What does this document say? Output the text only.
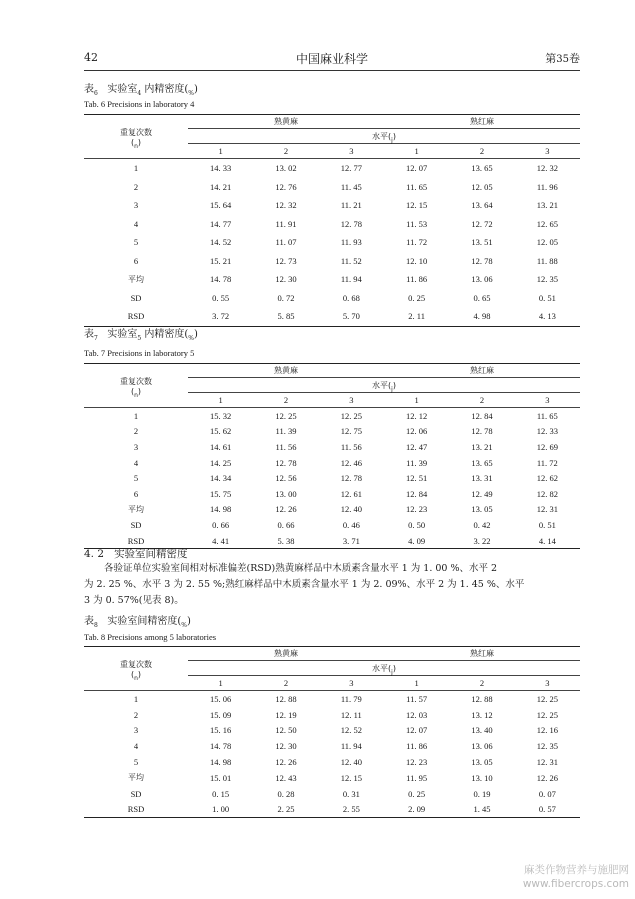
42	中国麻业科学	第35卷
表$_6$ 实验室$_4$ 内精密度$(_{\%})$
Tab. 6 Precisions in laboratory 4
重复次数
$(_n)$	熟黄麻			熟红麻		
	水平$(_j)$					
	1	2	3	1	2	3
1	14. 33	13. 02	12. 77	12. 07	13. 65	12. 32
2	14. 21	12. 76	11. 45	11. 65	12. 05	11. 96
3	15. 64	12. 32	11. 21	12. 15	13. 64	13. 21
4	14. 77	11. 91	12. 78	11. 53	12. 72	12. 65
5	14. 52	11. 07	11. 93	11. 72	13. 51	12. 05
6	15. 21	12. 73	11. 52	12. 10	12. 78	11. 88
平均	14. 78	12. 30	11. 94	11. 86	13. 06	12. 35
SD	0. 55	0. 72	0. 68	0. 25	0. 65	0. 51
RSD	3. 72	5. 85	5. 70	2. 11	4. 98	4. 13
表$_7$ 实验室$_5$ 内精密度$(_{\%})$
Tab. 7 Precisions in laboratory 5
重复次数
$(_n)$	熟黄麻			熟红麻		
	水平$(_j)$					
	1	2	3	1	2	3
1	15. 32	12. 25	12. 25	12. 12	12. 84	11. 65
2	15. 62	11. 39	12. 75	12. 06	12. 78	12. 33
3	14. 61	11. 56	11. 56	12. 47	13. 21	12. 69
4	14. 25	12. 78	12. 46	11. 39	13. 65	11. 72
5	14. 34	12. 56	12. 78	12. 51	13. 31	12. 62
6	15. 75	13. 00	12. 61	12. 84	12. 49	12. 82
平均	14. 98	12. 26	12. 40	12. 23	13. 05	12. 31
SD	0. 66	0. 66	0. 46	0. 50	0. 42	0. 51
RSD	4. 41	5. 38	3. 71	4. 09	3. 22	4. 14
4. 2 实验室间精密度
各验证单位实验室间相对标准偏差(RSD)熟黄麻样品中木质素含量水平 1 为 1. 00 %、水平 2
为 2. 25 %、水平 3 为 2. 55 %;熟红麻样品中木质素含量水平 1 为 2. 09%、水平 2 为 1. 45 %、水平
3 为 0. 57%(见表 8)。
表$_8$ 实验室间精密度$(_{\%})$
Tab. 8 Precisions among 5 laboratories
重复次数
$(_n)$	熟黄麻			熟红麻		
	水平$(_j)$					
	1	2	3	1	2	3
1	15. 06	12. 88	11. 79	11. 57	12. 88	12. 25
2	15. 09	12. 19	12. 11	12. 03	13. 12	12. 25
3	15. 16	12. 50	12. 52	12. 07	13. 40	12. 16
4	14. 78	12. 30	11. 94	11. 86	13. 06	12. 35
5	14. 98	12. 26	12. 40	12. 23	13. 05	12. 31
平均	15. 01	12. 43	12. 15	11. 95	13. 10	12. 26
SD	0. 15	0. 28	0. 31	0. 25	0. 19	0. 07
RSD	1. 00	2. 25	2. 55	2. 09	1. 45	0. 57
麻类作物营养与施肥网
www.fibercrops.com
